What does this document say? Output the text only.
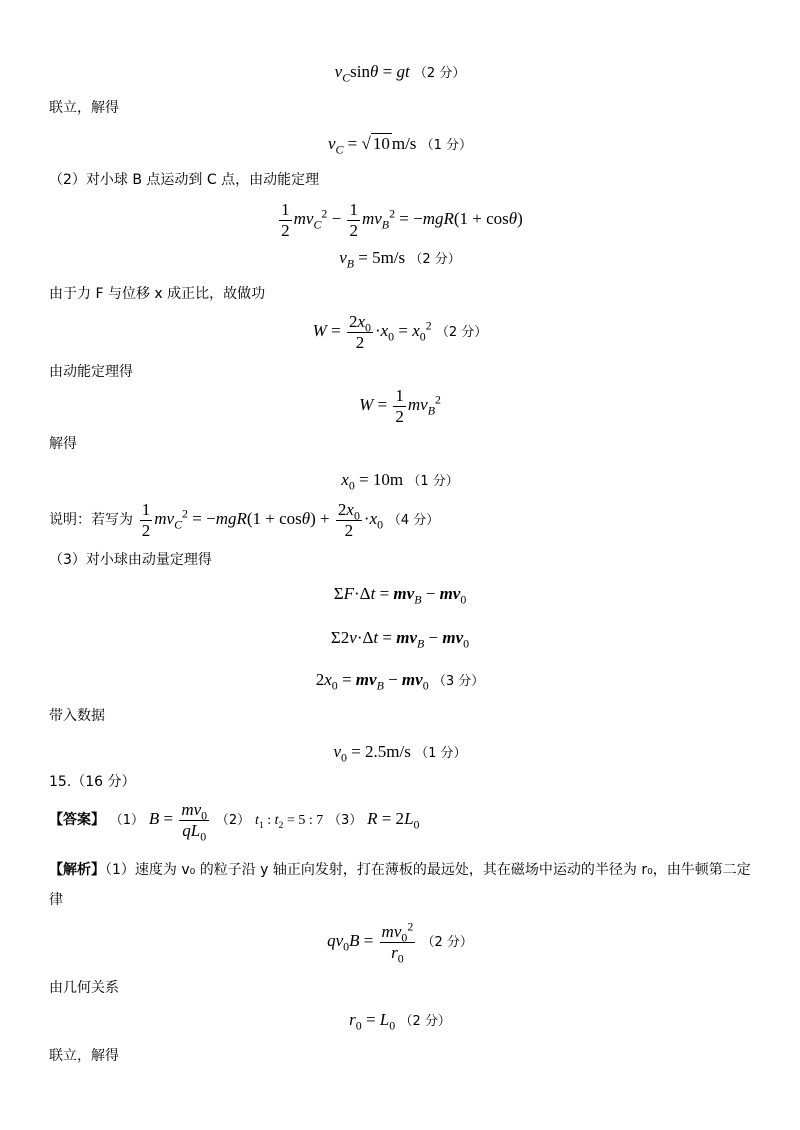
$v_C\sin\theta$ = gt （2 分）
联立，解得
$v_C$ = √ 10 m/s （1 分）
（2）对小球 B 点运动到 C 点，由动能定理
$\frac{1}{2} mv_C^2 - \frac{1}{2} mv_B^2 = -mgR(1 + \cos\theta)$
$v_B = 5m/s$ （2 分）
由于力 F 与位移 x 成正比，故做功
$W = \frac{2x_0}{2} \cdot x_0 = x_0^2$ （2 分）
由动能定理得
$W = \frac{1}{2} mv_B^2$
解得
$x_0 = 10m$ （1 分）
说明：若写为 $\frac{1}{2} mv_C^2 = -mgR(1 + \cos\theta) + \frac{2x_0}{2} \cdot x_0$ （4 分）
（3）对小球由动量定理得
$\Sigma F\cdot\Delta t = mv_B - mv_0$
$\Sigma 2v\cdot\Delta t = mv_B - mv_0$
$2x_0 = mv_B - mv_0$ （3 分）
带入数据
$v_0 = 2.5m/s$ （1 分）
15.（16 分）
【答案】 （1） $B = \frac{mv_0}{qL_0} (2)$ $t_1$ : $t_2 = 5$ : 7 （3） $R = 2L_0$
【解析】（1）速度为 v₀ 的粒子沿 y 轴正向发射，打在薄板的最远处，其在磁场中运动的半径为 r₀，由牛顿第二定
律
$qv_0B = \frac{mv_0^2}{r_0} (2$ 分）
由几何关系
$r_0 = L_0$ （2 分）
联立，解得
